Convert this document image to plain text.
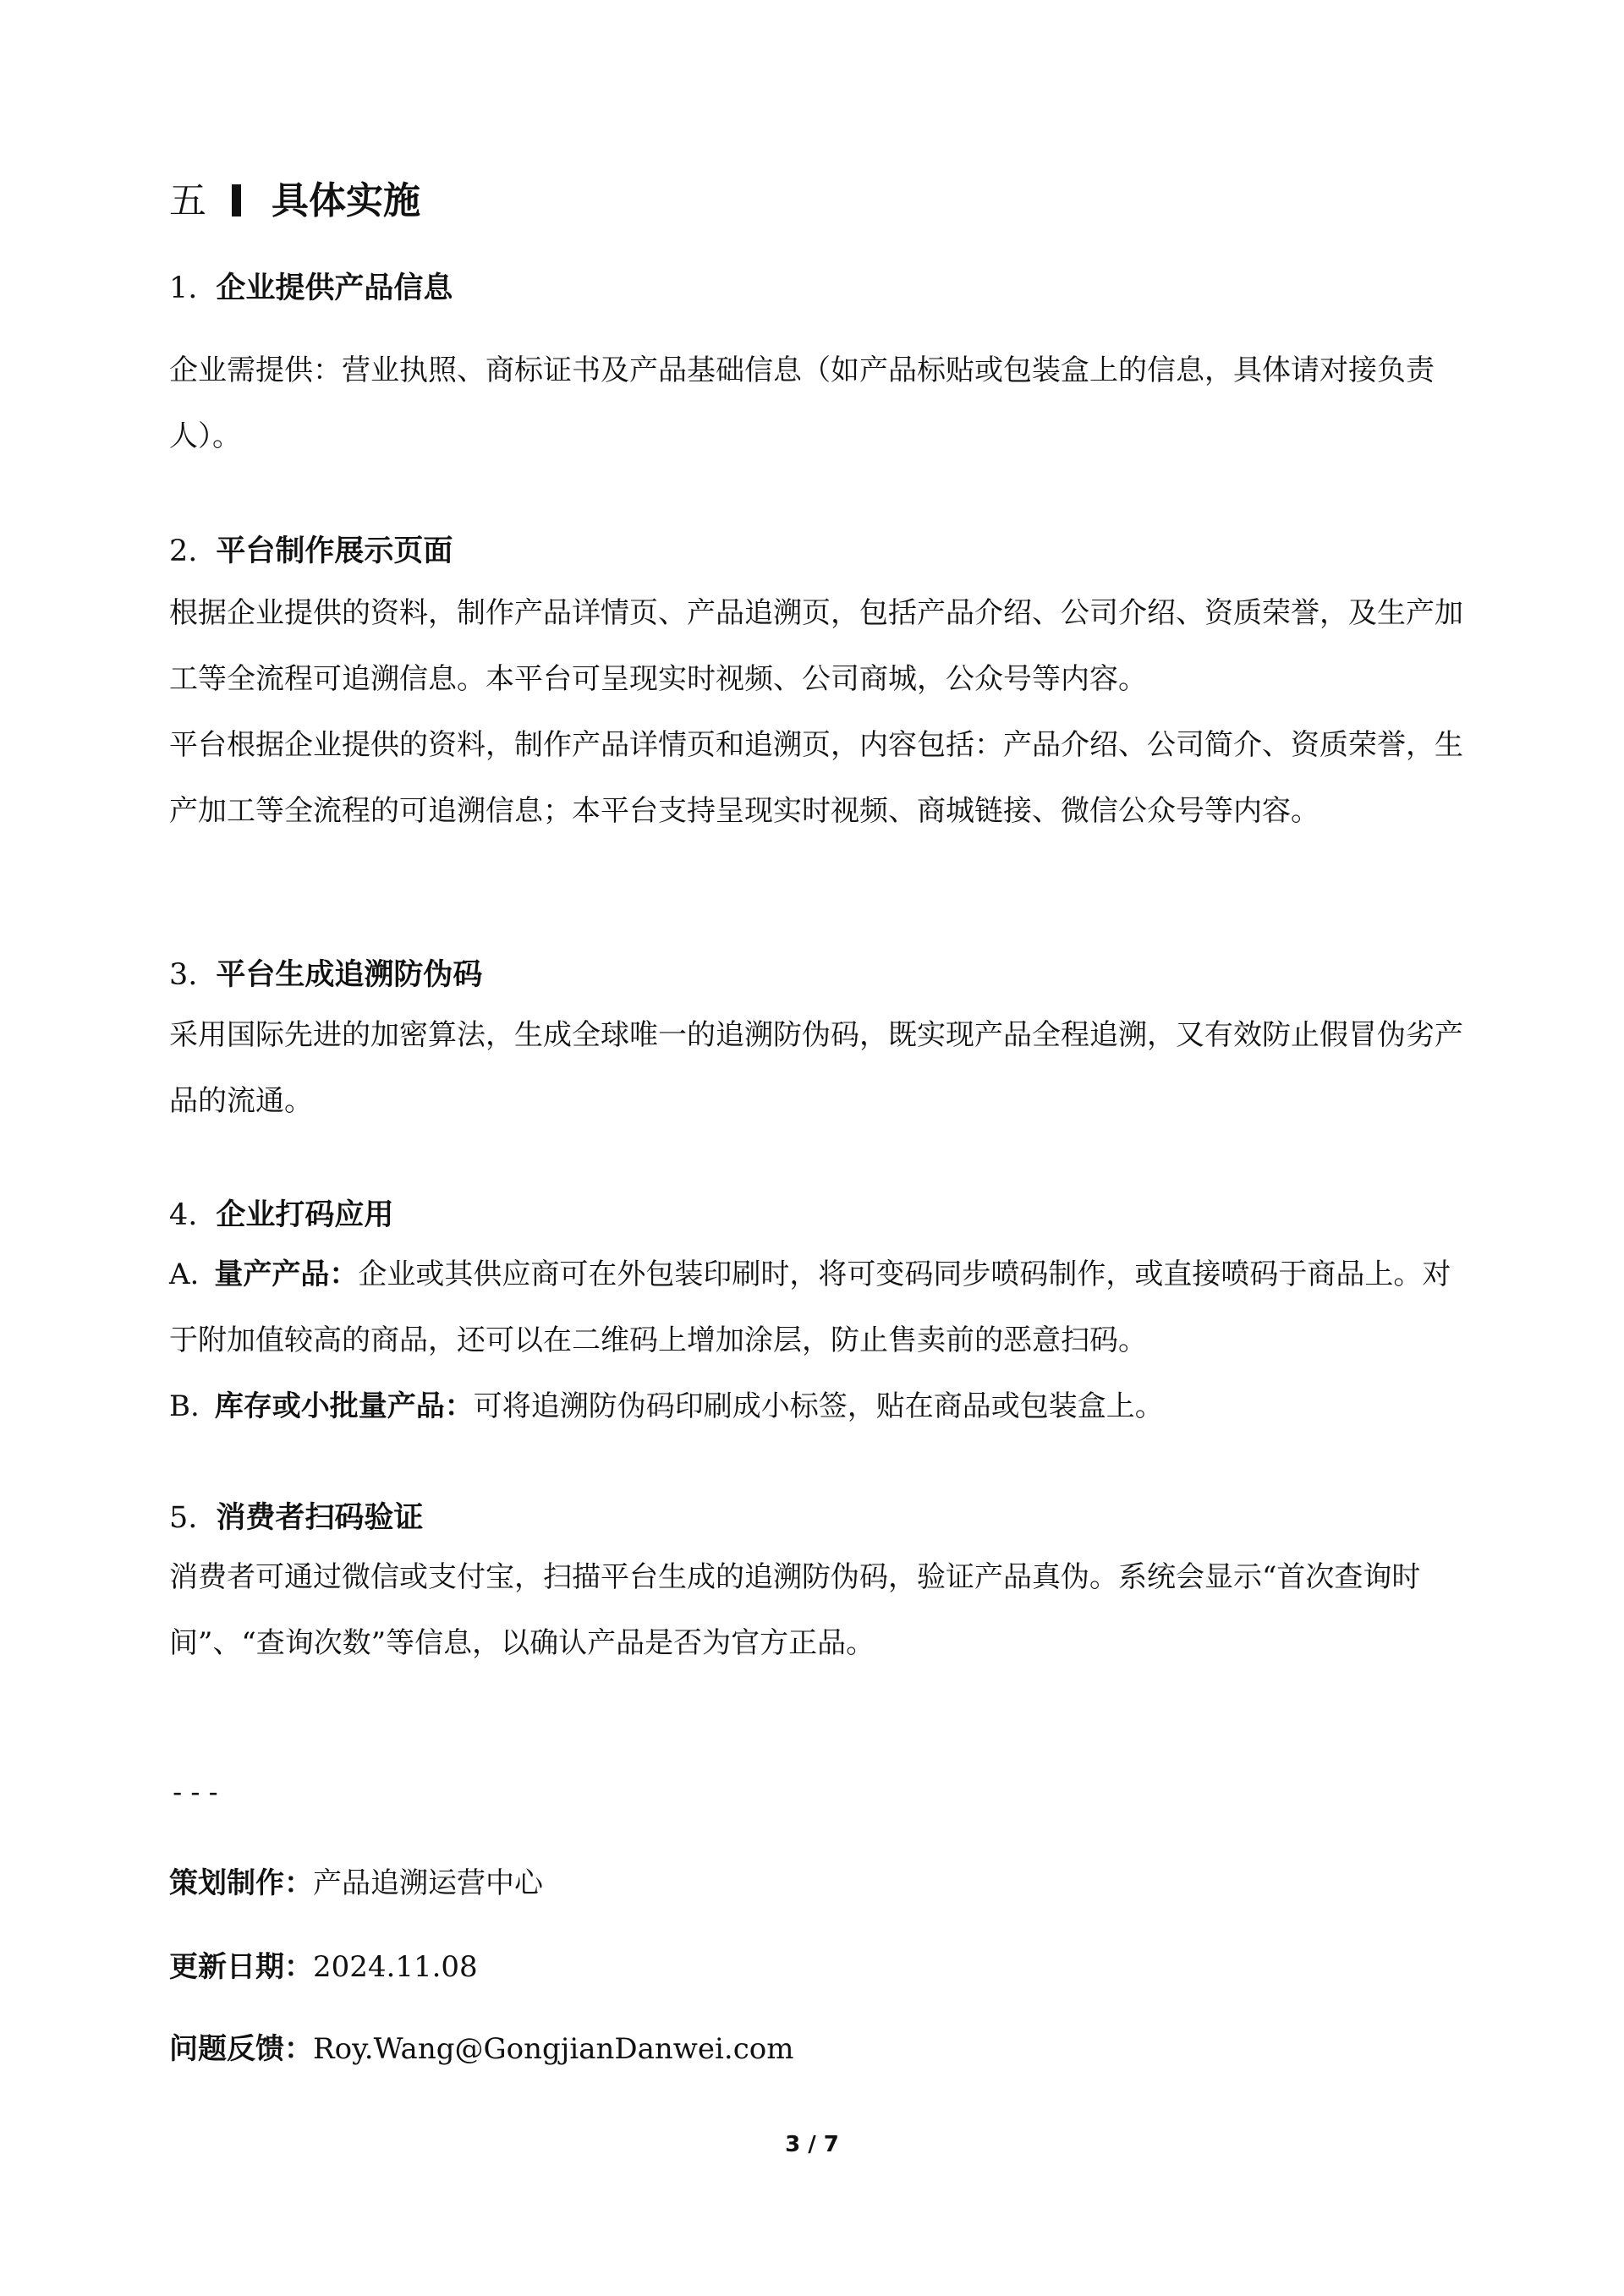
五 具体实施
1. 企业提供产品信息

企业需提供：营业执照、商标证书及产品基础信息（如产品标贴或包装盒上的信息，具体请对接负责人）。

2. 平台制作展示页面

根据企业提供的资料，制作产品详情页、产品追溯页，包括产品介绍、公司介绍、资质荣誉，及生产加工等全流程可追溯信息。本平台可呈现实时视频、公司商城，公众号等内容。

平台根据企业提供的资料，制作产品详情页和追溯页，内容包括：产品介绍、公司简介、资质荣誉，生产加工等全流程的可追溯信息；本平台支持呈现实时视频、商城链接、微信公众号等内容。

3. 平台生成追溯防伪码

采用国际先进的加密算法，生成全球唯一的追溯防伪码，既实现产品全程追溯，又有效防止假冒伪劣产品的流通。

4. 企业打码应用

A. 量产产品：企业或其供应商可在外包装印刷时，将可变码同步喷码制作，或直接喷码于商品上。对于附加值较高的商品，还可以在二维码上增加涂层，防止售卖前的恶意扫码。

B. 库存或小批量产品：可将追溯防伪码印刷成小标签，贴在商品或包装盒上。

5. 消费者扫码验证

消费者可通过微信或支付宝，扫描平台生成的追溯防伪码，验证产品真伪。系统会显示“首次查询时间”、“查询次数”等信息，以确认产品是否为官方正品。

---
策划制作：产品追溯运营中心
更新日期：2024.11.08
问题反馈：Roy.Wang@GongjianDanwei.com
3 / 7
